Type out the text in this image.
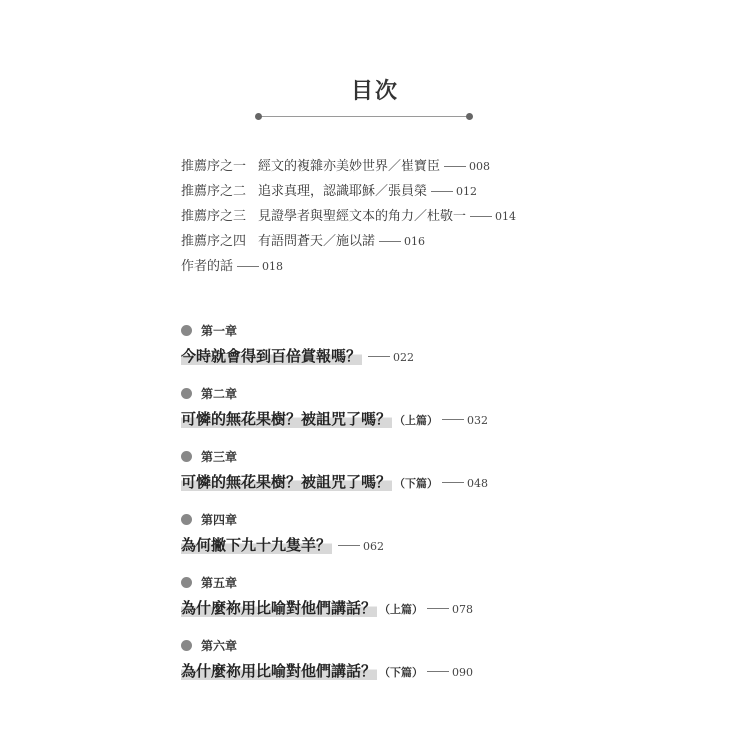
目次
推薦序之一 經文的複雜亦美妙世界／崔寶臣	008
推薦序之二 追求真理，認識耶穌／張員榮	012
推薦序之三 見證學者與聖經文本的角力／杜敬一	014
推薦序之四 有語問蒼天／施以諾	016
作者的話	018
第一章
今時就會得到百倍賞報嗎？	022
第二章
可憐的無花果樹？被詛咒了嗎？ （上篇）	032
第三章
可憐的無花果樹？被詛咒了嗎？ （下篇）	048
第四章
為何撇下九十九隻羊？	062
第五章
為什麼祢用比喻對他們講話？ （上篇）	078
第六章
為什麼祢用比喻對他們講話？ （下篇）	090
